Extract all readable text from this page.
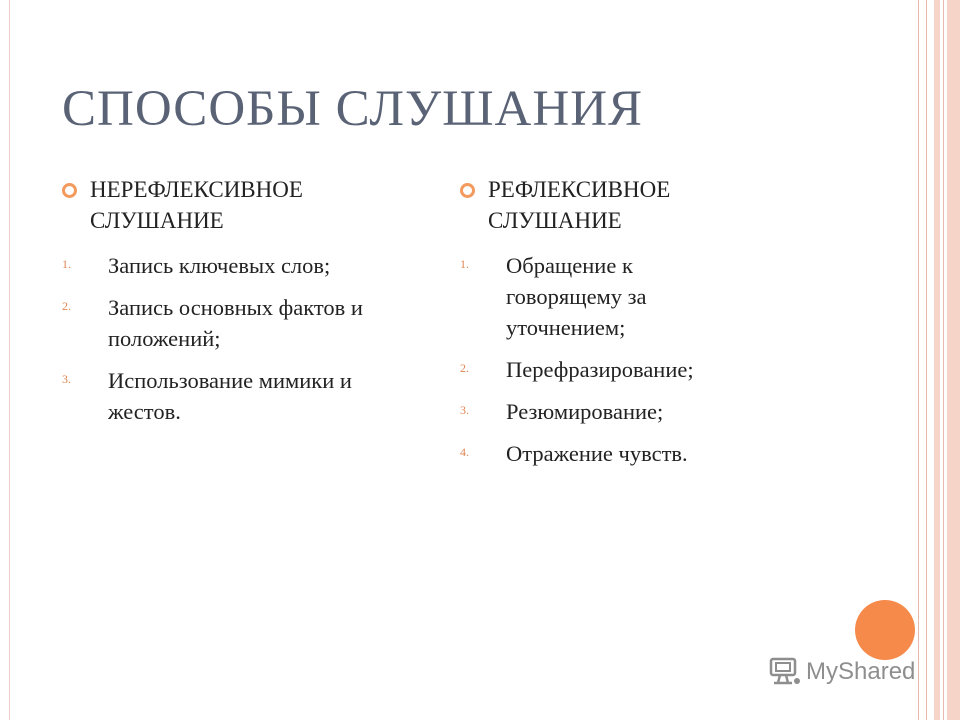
СПОСОБЫ СЛУШАНИЯ
НЕРЕФЛЕКСИВНОЕ
СЛУШАНИЕ
1. Запись ключевых слов;
2. Запись основных фактов и положений;
3. Использование мимики и жестов.
РЕФЛЕКСИВНОЕ
СЛУШАНИЕ
1. Обращение к говорящему за уточнением;
2. Перефразирование;
3. Резюмирование;
4. Отражение чувств.
MyShared
